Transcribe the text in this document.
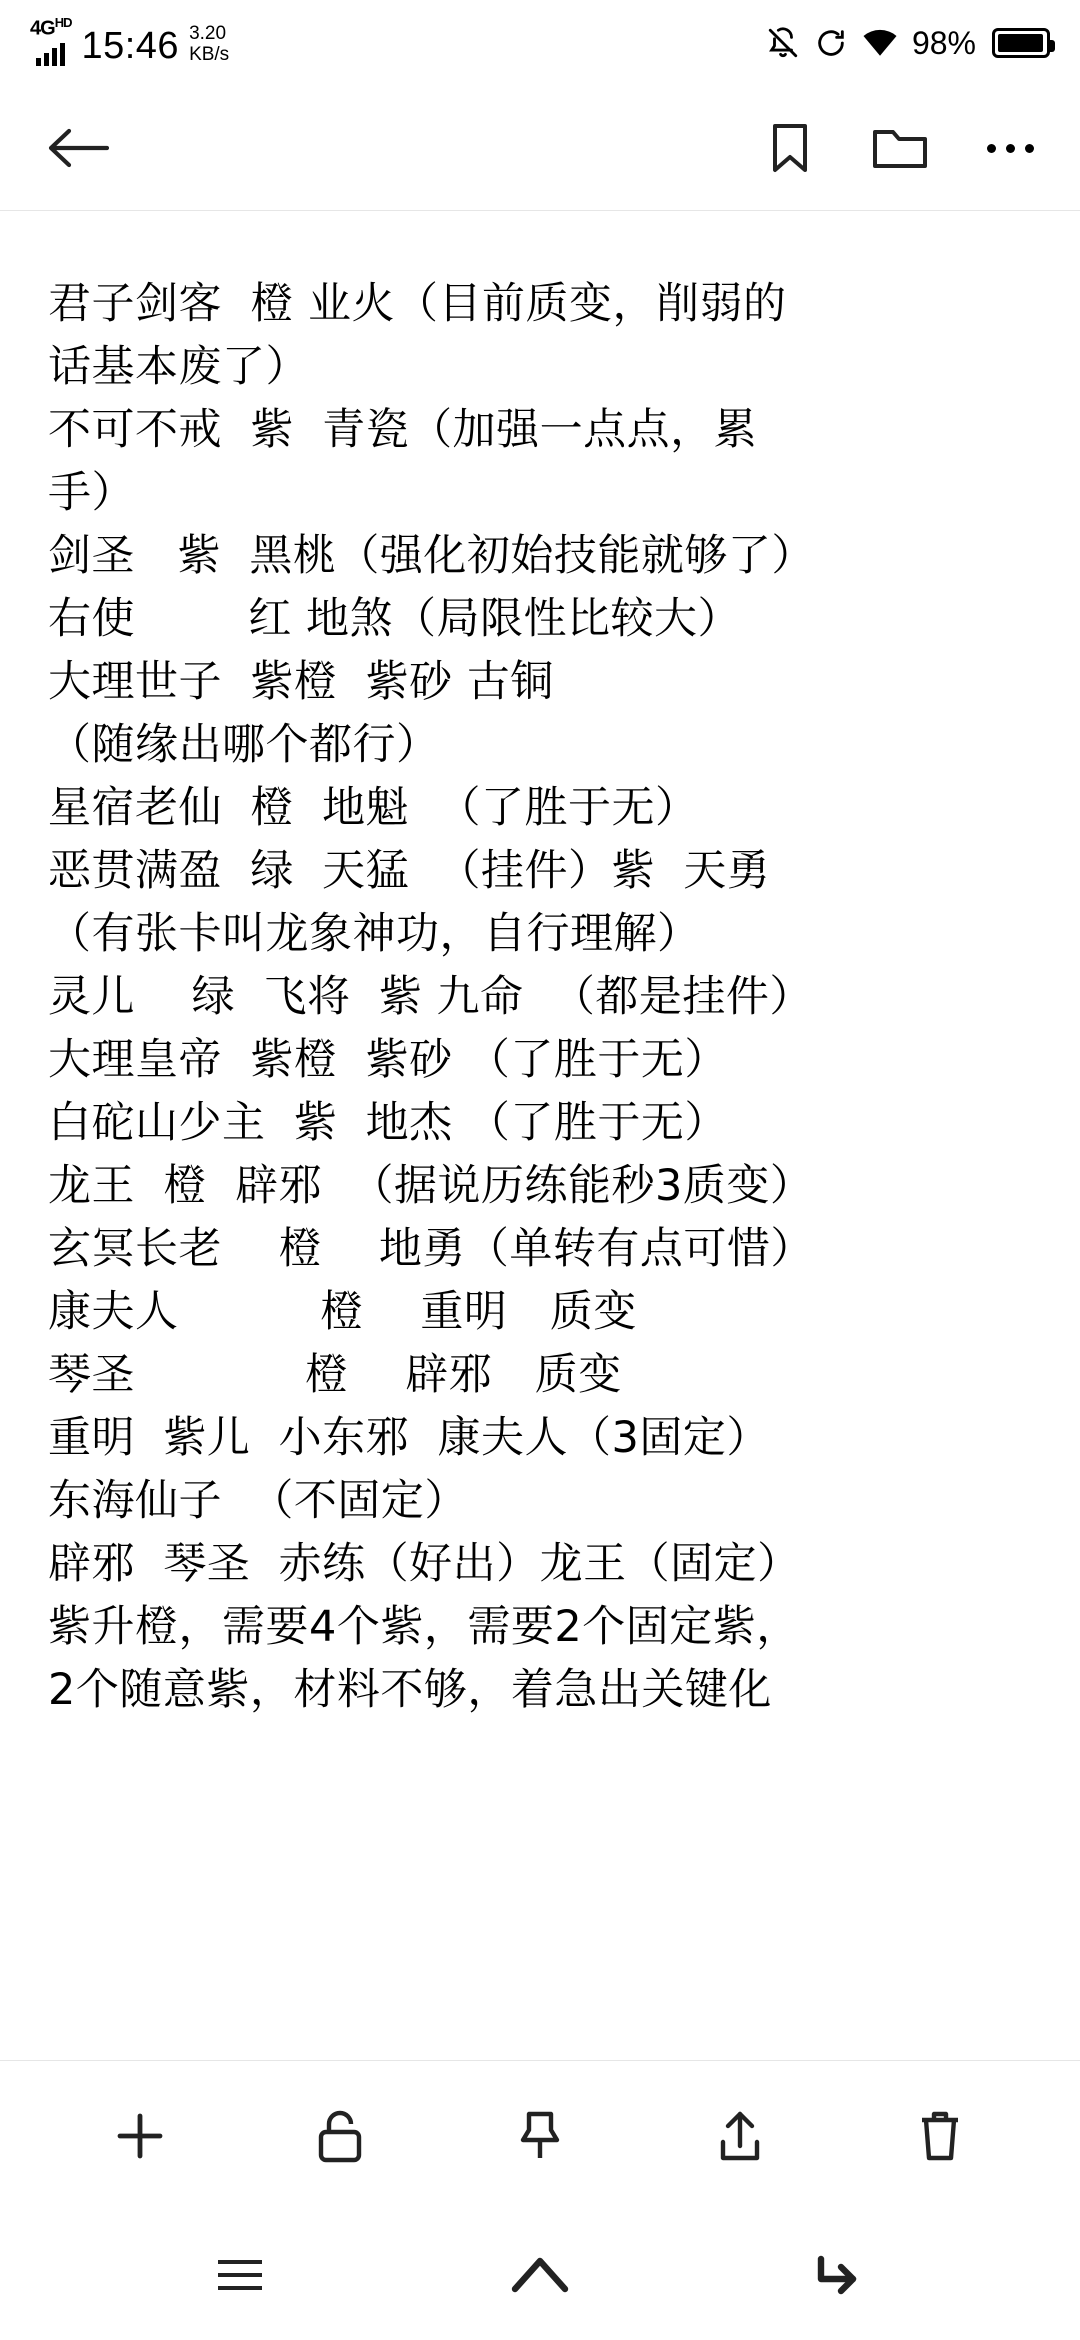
$4G^{HD}$
15:46 3.20
KB/s	98%
君子剑客  橙 业火（目前质变，削弱的
话基本废了）
不可不戒  紫  青瓷（加强一点点，累
手）
剑圣   紫  黑桃（强化初始技能就够了）
右使        红 地煞（局限性比较大）
大理世子  紫橙  紫砂 古铜
（随缘出哪个都行）
星宿老仙  橙  地魁  （了胜于无）
恶贯满盈  绿  天猛  （挂件）紫  天勇
（有张卡叫龙象神功，自行理解）
灵儿    绿  飞将  紫 九命  （都是挂件）
大理皇帝  紫橙  紫砂 （了胜于无）
白砣山少主  紫  地杰 （了胜于无）
龙王  橙  辟邪  （据说历练能秒3质变）
玄冥长老    橙    地勇（单转有点可惜）
康夫人          橙    重明   质变
琴圣            橙    辟邪   质变
重明  紫儿  小东邪  康夫人（3固定）
东海仙子  （不固定）
辟邪  琴圣  赤练（好出）龙王（固定）
紫升橙，需要4个紫，需要2个固定紫，
2个随意紫，材料不够，着急出关键化
